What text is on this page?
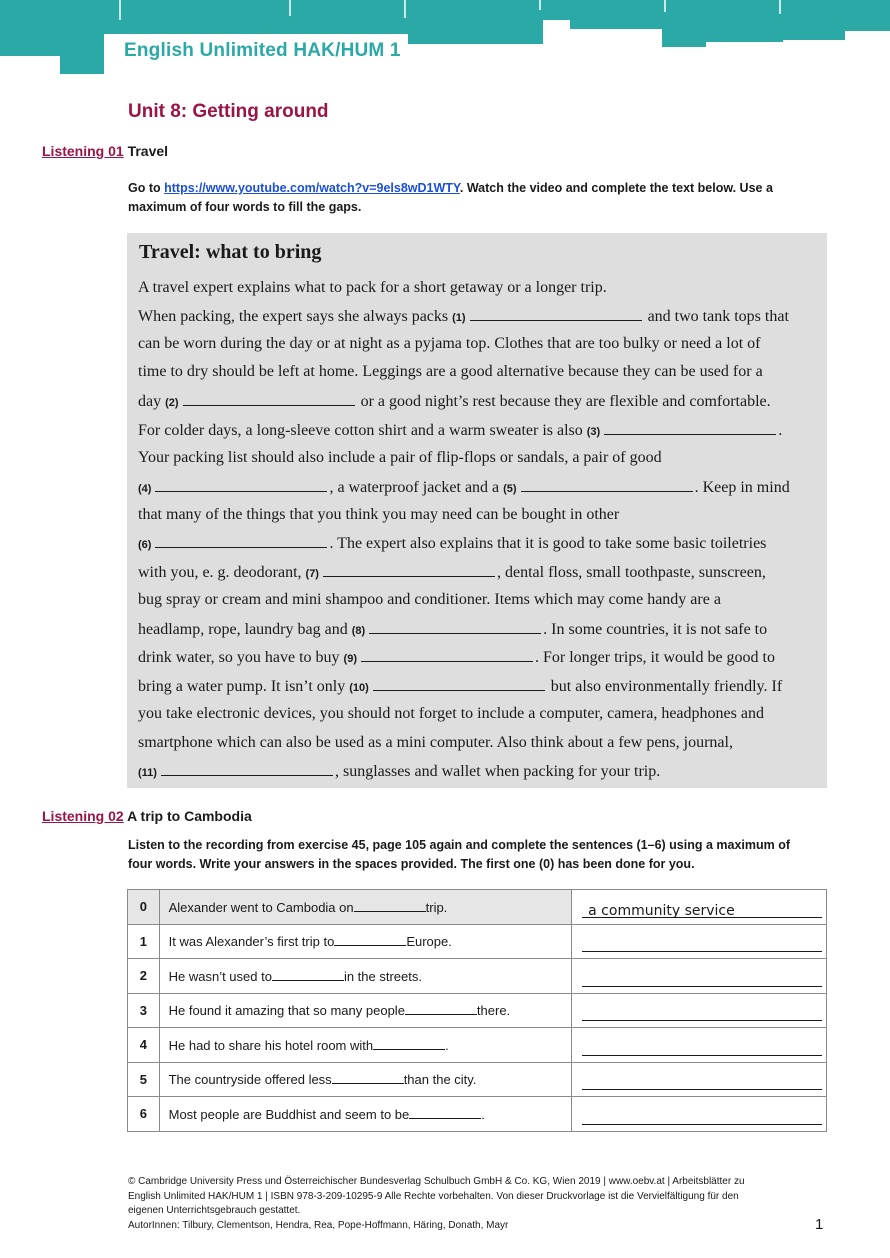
English Unlimited HAK/HUM 1
Unit 8: Getting around
Listening 01 Travel
Go to https://www.youtube.com/watch?v=9els8wD1WTY. Watch the video and complete the text below. Use a
maximum of four words to fill the gaps.
Travel: what to bring
A travel expert explains what to pack for a short getaway or a longer trip.
When packing, the expert says she always packs (1)	and two tank tops that
can be worn during the day or at night as a pyjama top. Clothes that are too bulky or need a lot of
time to dry should be left at home. Leggings are a good alternative because they can be used for a
day (2)	or a good night’s rest because they are flexible and comfortable.
For colder days, a long-sleeve cotton shirt and a warm sweater is also (3)	.
Your packing list should also include a pair of flip-flops or sandals, a pair of good
(4)	, a waterproof jacket and a (5)	. Keep in mind
that many of the things that you think you may need can be bought in other
(6)	. The expert also explains that it is good to take some basic toiletries
with you, e. g. deodorant, (7)	, dental floss, small toothpaste, sunscreen,
bug spray or cream and mini shampoo and conditioner. Items which may come handy are a
headlamp, rope, laundry bag and (8)	. In some countries, it is not safe to
drink water, so you have to buy (9)	. For longer trips, it would be good to
bring a water pump. It isn’t only (10)	but also environmentally friendly. If
you take electronic devices, you should not forget to include a computer, camera, headphones and
smartphone which can also be used as a mini computer. Also think about a few pens, journal,
(11)	, sunglasses and wallet when packing for your trip.
Listening 02 A trip to Cambodia
Listen to the recording from exercise 45, page 105 again and complete the sentences (1–6) using a maximum of
four words. Write your answers in the spaces provided. The first one (0) has been done for you.
0	Alexander went to Cambodia on trip.	a community service

1	It was Alexander’s first trip to Europe.	

2	He wasn’t used to in the streets.	

3	He found it amazing that so many people there.	

4	He had to share his hotel room with .	

5	The countryside offered less than the city.	

6	Most people are Buddhist and seem to be .	
© Cambridge University Press und Österreichischer Bundesverlag Schulbuch GmbH & Co. KG, Wien 2019 | www.oebv.at | Arbeitsblätter zu
English Unlimited HAK/HUM 1 | ISBN 978-3-209-10295-9 Alle Rechte vorbehalten. Von dieser Druckvorlage ist die Vervielfältigung für den
eigenen Unterrichtsgebrauch gestattet.
AutorInnen: Tilbury, Clementson, Hendra, Rea, Pope-Hoffmann, Häring, Donath, Mayr	1
